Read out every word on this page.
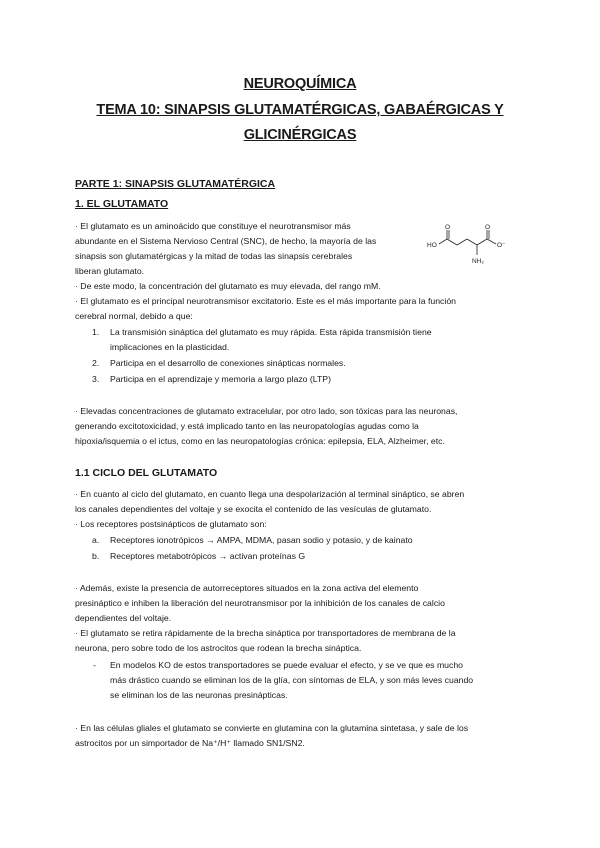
NEUROQUÍMICA
TEMA 10: SINAPSIS GLUTAMATÉRGICAS, GABAÉRGICAS Y
GLICINÉRGICAS
PARTE 1: SINAPSIS GLUTAMATÉRGICA
1. EL GLUTAMATO
· El glutamato es un aminoácido que constituye el neurotransmisor más
abundante en el Sistema Nervioso Central (SNC), de hecho, la mayoría de las
sinapsis son glutamatérgicas y la mitad de todas las sinapsis cerebrales
liberan glutamato.
HO
O	O
O⁻
NH₂
· De este modo, la concentración del glutamato es muy elevada, del rango mM.
· El glutamato es el principal neurotransmisor excitatorio. Este es el más importante para la función
cerebral normal, debido a que:
1. La transmisión sináptica del glutamato es muy rápida. Esta rápida transmisión tiene
implicaciones en la plasticidad.
2. Participa en el desarrollo de conexiones sinápticas normales.
3. Participa en el aprendizaje y memoria a largo plazo (LTP)
· Elevadas concentraciones de glutamato extracelular, por otro lado, son tóxicas para las neuronas,
generando excitotoxicidad, y está implicado tanto en las neuropatologías agudas como la
hipoxia/isquemia o el ictus, como en las neuropatologías crónica: epilepsia, ELA, Alzheimer, etc.
1.1 CICLO DEL GLUTAMATO
· En cuanto al ciclo del glutamato, en cuanto llega una despolarización al terminal sináptico, se abren
los canales dependientes del voltaje y se exocita el contenido de las vesículas de glutamato.
· Los receptores postsinápticos de glutamato son:
a. Receptores ionotrópicos → AMPA, MDMA, pasan sodio y potasio, y de kainato
b. Receptores metabotrópicos → activan proteínas G
· Además, existe la presencia de autorreceptores situados en la zona activa del elemento
presináptico e inhiben la liberación del neurotransmisor por la inhibición de los canales de calcio
dependientes del voltaje.
· El glutamato se retira rápidamente de la brecha sináptica por transportadores de membrana de la
neurona, pero sobre todo de los astrocitos que rodean la brecha sináptica.
- En modelos KO de estos transportadores se puede evaluar el efecto, y se ve que es mucho
más drástico cuando se eliminan los de la glía, con síntomas de ELA, y son más leves cuando
se eliminan los de las neuronas presinápticas.
· En las células gliales el glutamato se convierte en glutamina con la glutamina sintetasa, y sale de los
astrocitos por un simportador de Na⁺/H⁺ llamado SN1/SN2.
